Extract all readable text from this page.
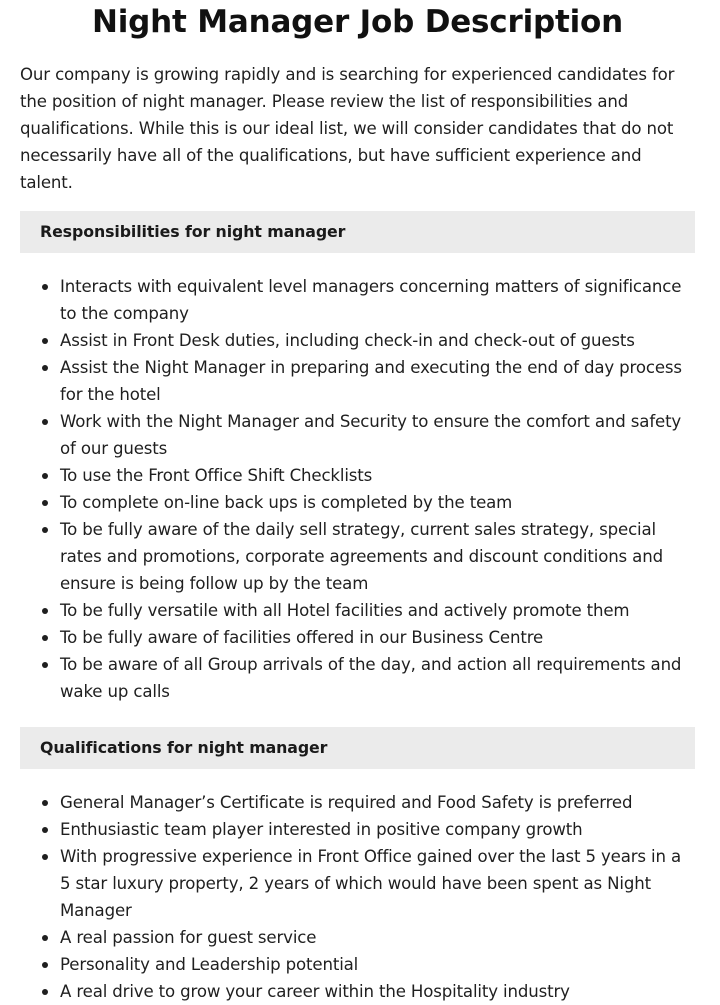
Night Manager Job Description

Our company is growing rapidly and is searching for experienced candidates for the position of night manager. Please review the list of responsibilities and qualifications. While this is our ideal list, we will consider candidates that do not necessarily have all of the qualifications, but have sufficient experience and talent.

Responsibilities for night manager
Interacts with equivalent level managers concerning matters of significance to the company
Assist in Front Desk duties, including check-in and check-out of guests
Assist the Night Manager in preparing and executing the end of day process for the hotel
Work with the Night Manager and Security to ensure the comfort and safety of our guests
To use the Front Office Shift Checklists
To complete on-line back ups is completed by the team
To be fully aware of the daily sell strategy, current sales strategy, special rates and promotions, corporate agreements and discount conditions and ensure is being follow up by the team
To be fully versatile with all Hotel facilities and actively promote them
To be fully aware of facilities offered in our Business Centre
To be aware of all Group arrivals of the day, and action all requirements and wake up calls
Qualifications for night manager
General Manager’s Certificate is required and Food Safety is preferred
Enthusiastic team player interested in positive company growth
With progressive experience in Front Office gained over the last 5 years in a 5 star luxury property, 2 years of which would have been spent as Night Manager
A real passion for guest service
Personality and Leadership potential
A real drive to grow your career within the Hospitality industry
